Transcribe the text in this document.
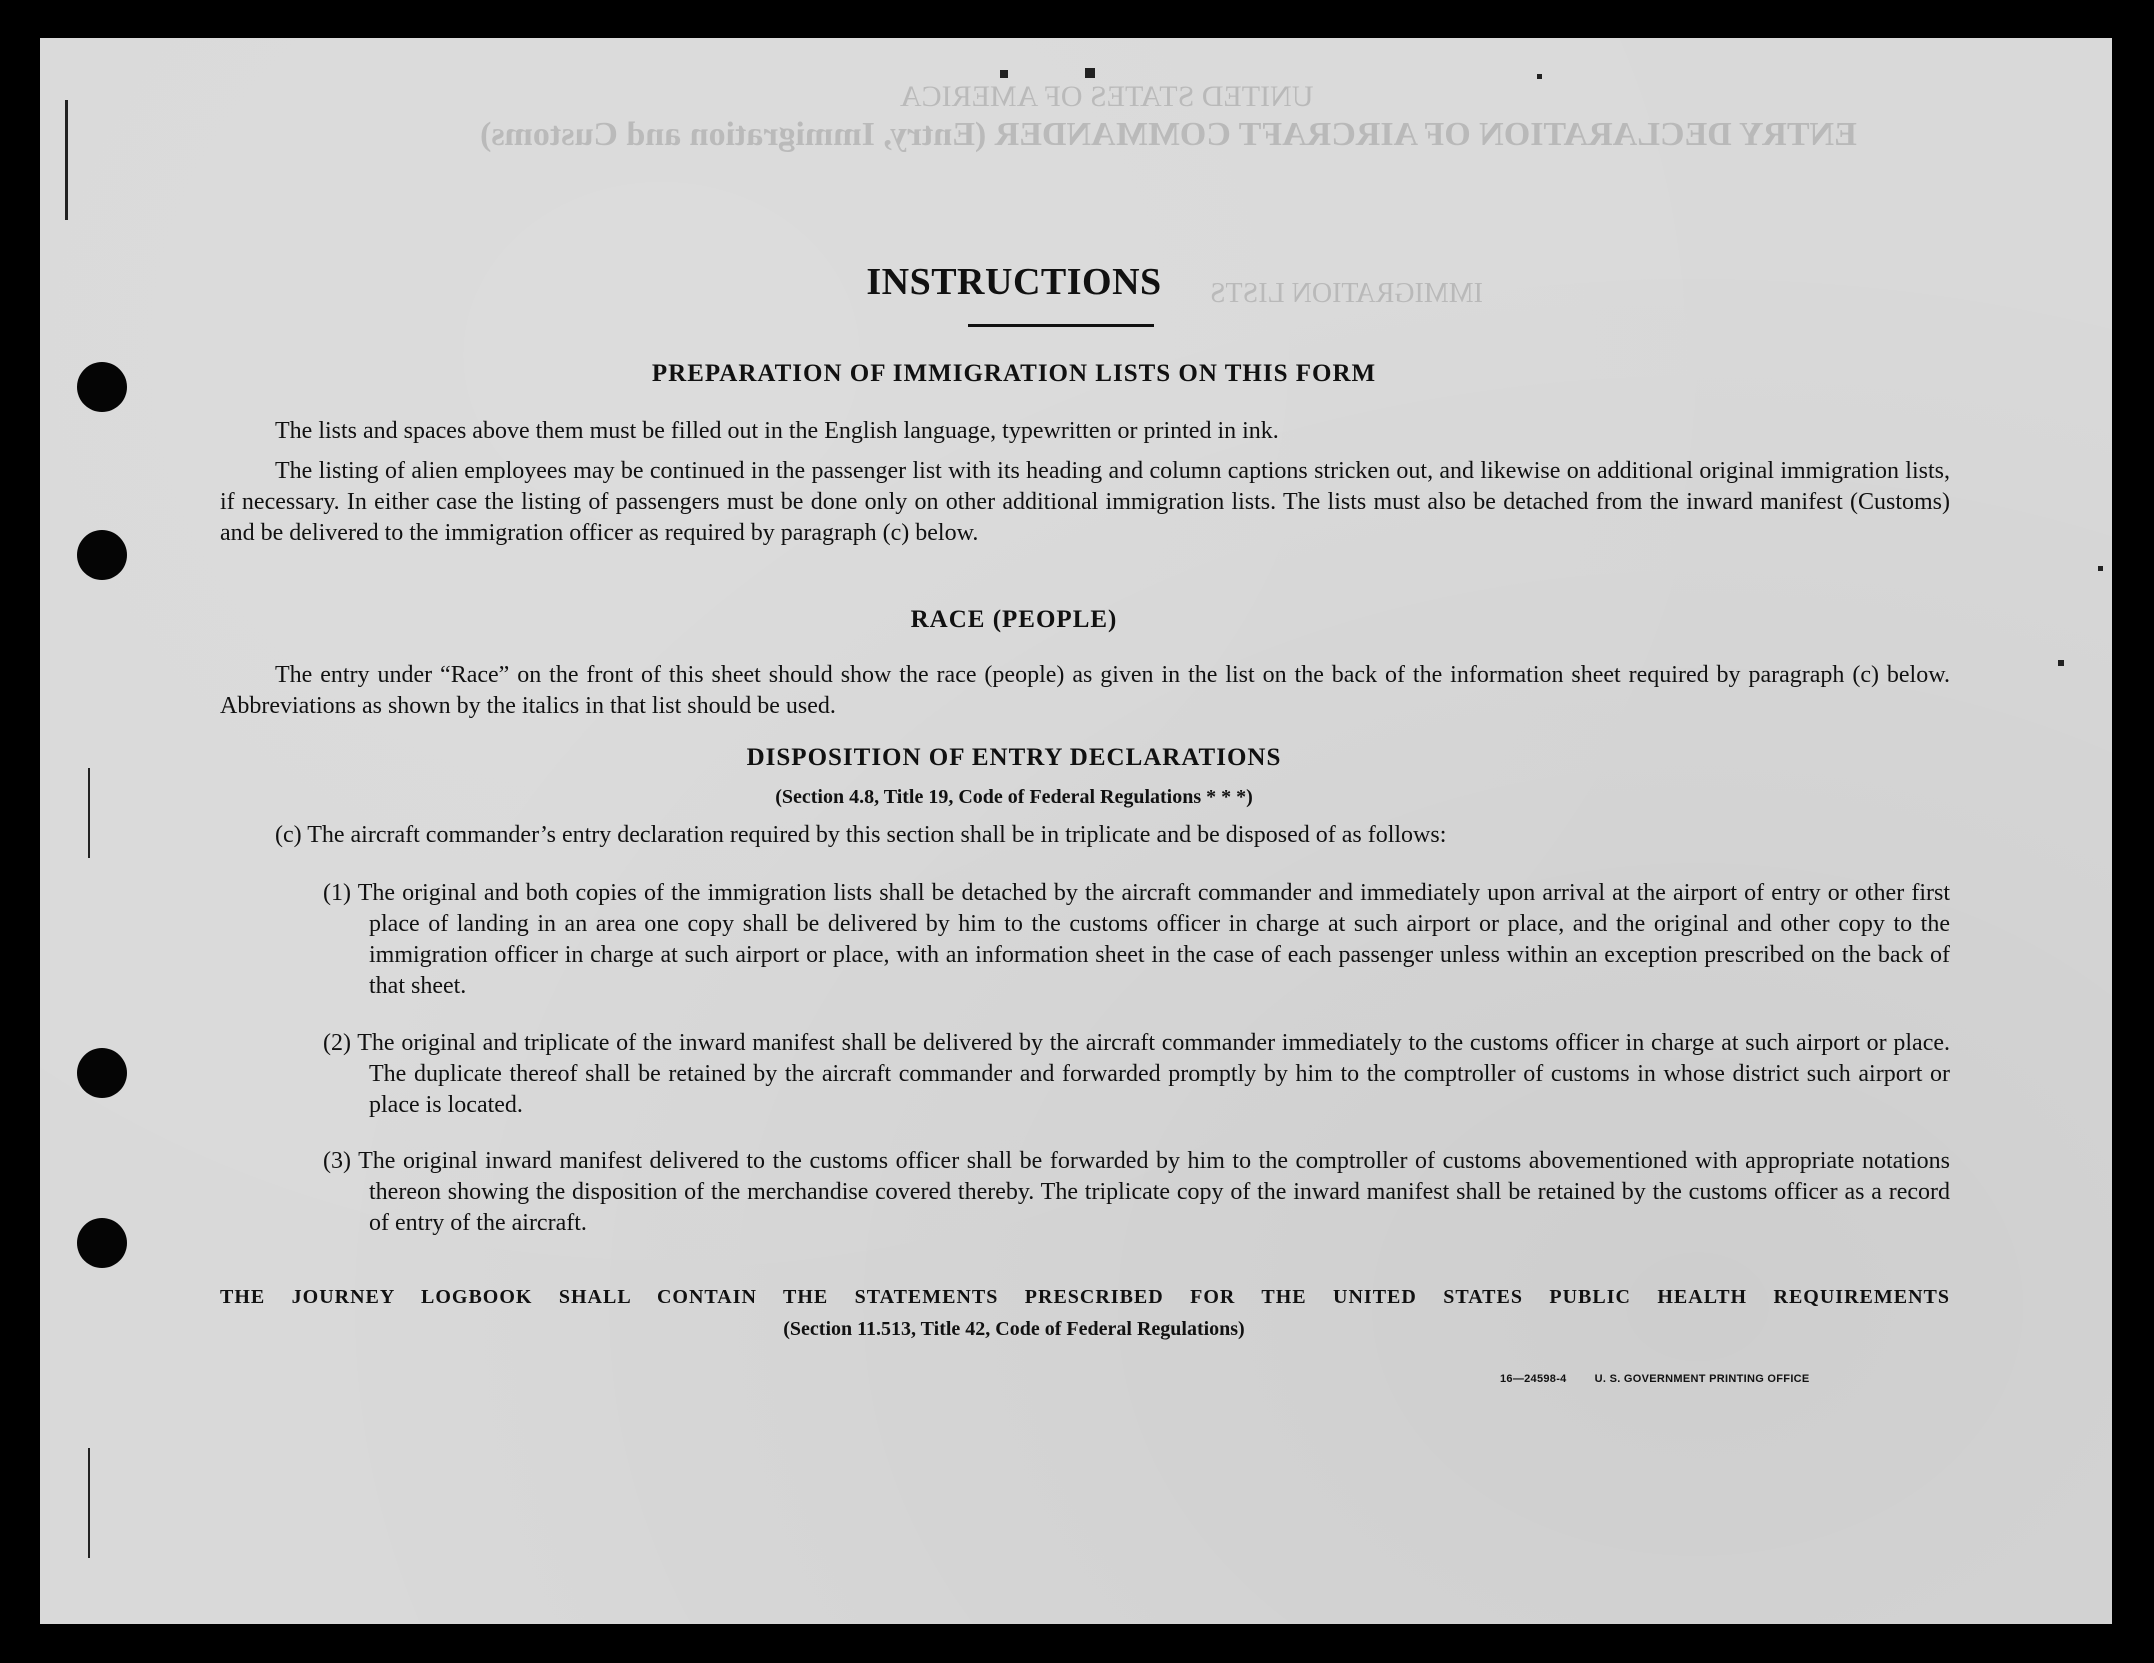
UNITED STATES OF AMERICA
ENTRY DECLARATION OF AIRCRAFT COMMANDER (Entry, Immigration and Customs)
IMMIGRATION LISTS
INSTRUCTIONS
PREPARATION OF IMMIGRATION LISTS ON THIS FORM
The lists and spaces above them must be filled out in the English language, typewritten or printed in ink.
The listing of alien employees may be continued in the passenger list with its heading and column captions stricken out, and likewise on additional original immigration lists, if necessary. In either case the listing of passengers must be done only on other additional immigration lists. The lists must also be detached from the inward manifest (Customs) and be delivered to the immigration officer as required by paragraph (c) below.
RACE (PEOPLE)
The entry under “Race” on the front of this sheet should show the race (people) as given in the list on the back of the information sheet required by paragraph (c) below. Abbreviations as shown by the italics in that list should be used.
DISPOSITION OF ENTRY DECLARATIONS
(Section 4.8, Title 19, Code of Federal Regulations * * *)
(c) The aircraft commander’s entry declaration required by this section shall be in triplicate and be disposed of as follows:
(1) The original and both copies of the immigration lists shall be detached by the aircraft commander and immediately upon arrival at the airport of entry or other first place of landing in an area one copy shall be delivered by him to the customs officer in charge at such airport or place, and the original and other copy to the immigration officer in charge at such airport or place, with an information sheet in the case of each passenger unless within an exception prescribed on the back of that sheet.
(2) The original and triplicate of the inward manifest shall be delivered by the aircraft commander immediately to the customs officer in charge at such airport or place. The duplicate thereof shall be retained by the aircraft commander and forwarded promptly by him to the comptroller of customs in whose district such airport or place is located.
(3) The original inward manifest delivered to the customs officer shall be forwarded by him to the comptroller of customs abovementioned with appropriate notations thereon showing the disposition of the merchandise covered thereby. The triplicate copy of the inward manifest shall be retained by the customs officer as a record of entry of the aircraft.
THE JOURNEY LOGBOOK SHALL CONTAIN THE STATEMENTS PRESCRIBED FOR THE UNITED STATES PUBLIC HEALTH REQUIREMENTS
(Section 11.513, Title 42, Code of Federal Regulations)
16—24598-4	U. S. GOVERNMENT PRINTING OFFICE
